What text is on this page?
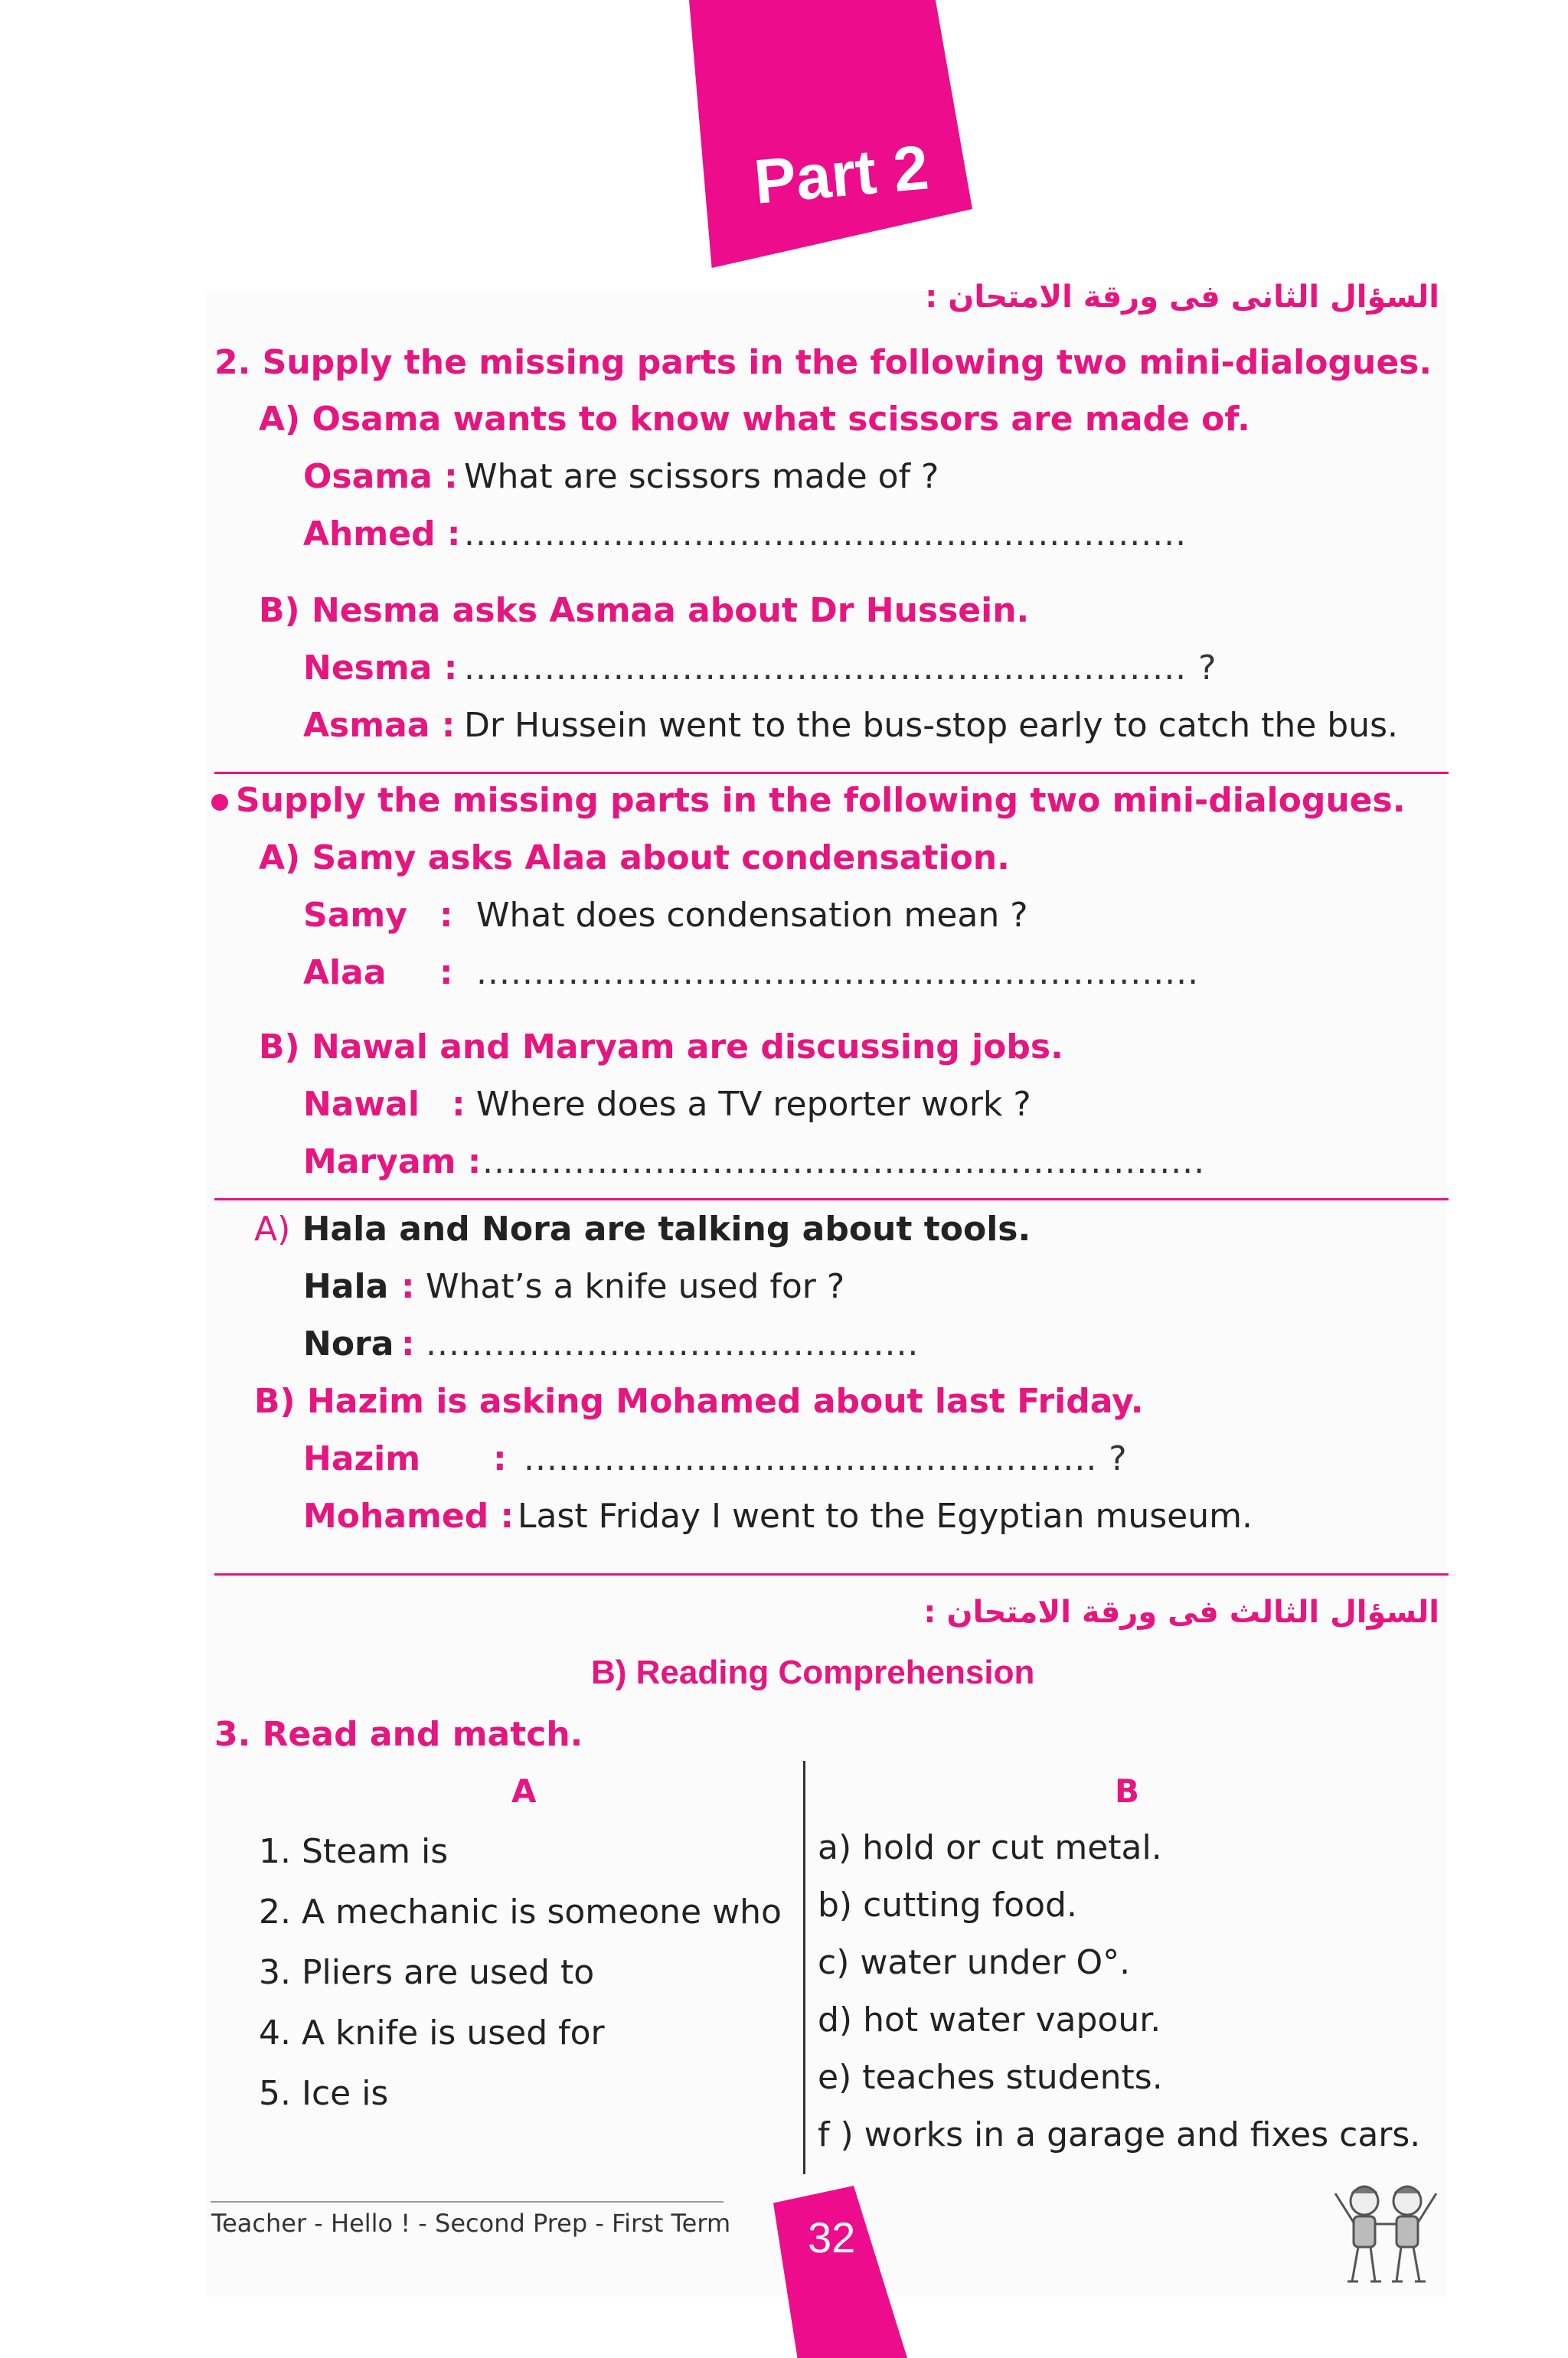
Part 2
السؤال الثانى فى ورقة الامتحان :
2. Supply the missing parts in the following two mini-dialogues.
A) Osama wants to know what scissors are made of.
Osama : What are scissors made of ?
Ahmed : ...............................................................
B) Nesma asks Asmaa about Dr Hussein.
Nesma : ............................................................... ?
Asmaa : Dr Hussein went to the bus-stop early to catch the bus.
Supply the missing parts in the following two mini-dialogues.
A) Samy asks Alaa about condensation.
Samy : What does condensation mean ?
Alaa : ...............................................................
B) Nawal and Maryam are discussing jobs.
Nawal : Where does a TV reporter work ?
Maryam : ...............................................................
A) Hala and Nora are talking about tools.
Hala : What’s a knife used for ?
Nora : ...........................................
B) Hazim is asking Mohamed about last Friday.
Hazim : .................................................. ?
Mohamed : Last Friday I went to the Egyptian museum.
السؤال الثالث فى ورقة الامتحان :
B) Reading Comprehension
3. Read and match.
A	B
1. Steam is
2. A mechanic is someone who
3. Pliers are used to
4. A knife is used for
5. Ice is
a) hold or cut metal.
b) cutting food.
c) water under O°.
d) hot water vapour.
e) teaches students.
f ) works in a garage and fixes cars.
Teacher - Hello ! - Second Prep - First Term 32
